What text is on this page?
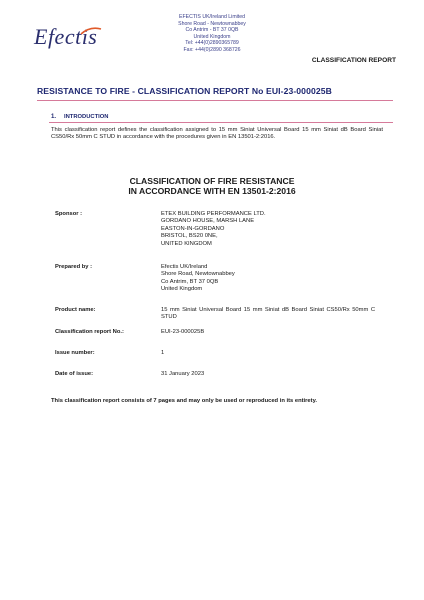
Efectis
EFECTIS UK/Ireland Limited
Shore Road - Newtownabbey
Co Antrim - BT 37 0QB
United Kingdom
Tel: +44(0)2890365789
Fax: +44(0)2890 368726
CLASSIFICATION REPORT
RESISTANCE TO FIRE - CLASSIFICATION REPORT No EUI-23-000025B
1. INTRODUCTION
This classification report defines the classification assigned to 15 mm Siniat Universal Board 15 mm Siniat dB Board Siniat CS50/Rx 50mm C STUD in accordance with the procedures given in EN 13501-2:2016.
CLASSIFICATION OF FIRE RESISTANCE
IN ACCORDANCE WITH EN 13501-2:2016
Sponsor :	ETEX BUILDING PERFORMANCE LTD.
GORDANO HOUSE, MARSH LANE
EASTON-IN-GORDANO
BRISTOL, BS20 0NE,
UNITED KINGDOM
Prepared by :	Efectis UK/Ireland
Shore Road, Newtownabbey
Co Antrim, BT 37 0QB
United Kingdom
Product name:	15 mm Siniat Universal Board 15 mm Siniat dB Board Siniat CS50/Rx 50mm C STUD
Classification report No.:	EUI-23-000025B
Issue number:	1
Date of issue:	31 January 2023
This classification report consists of 7 pages and may only be used or reproduced in its entirety.
